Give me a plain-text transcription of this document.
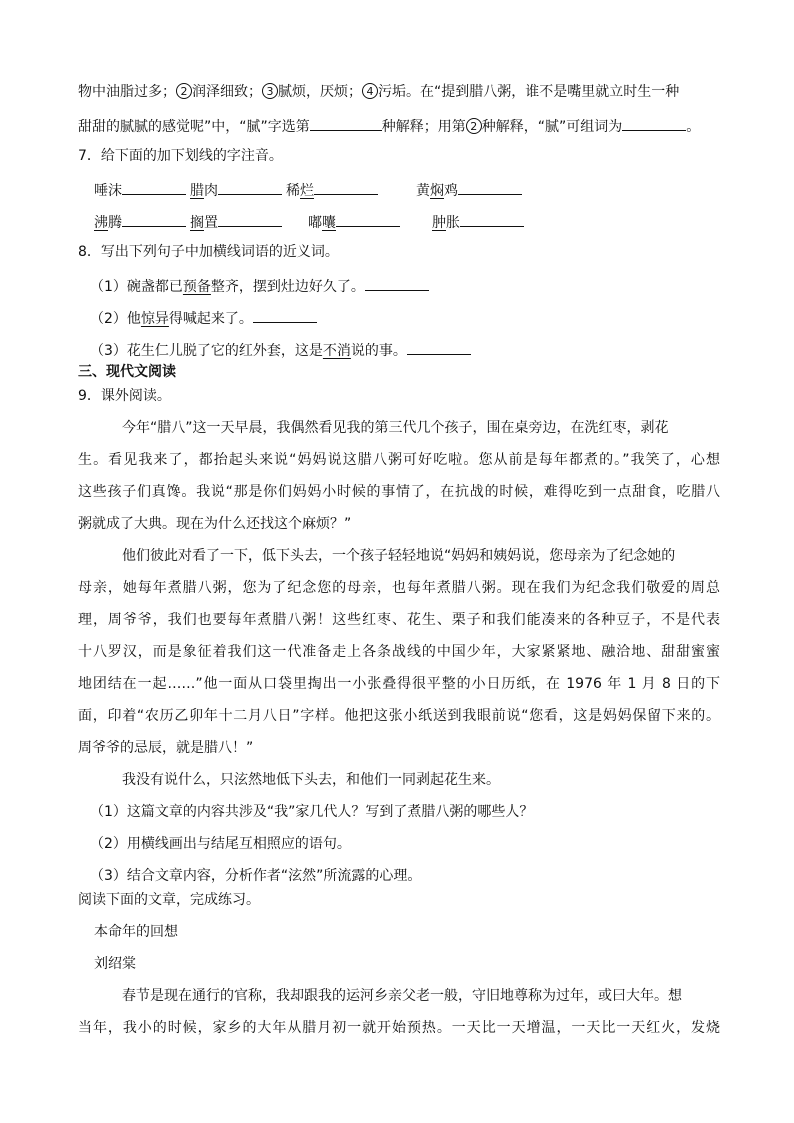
物中油脂过多； 2 润泽细致； 3 腻烦，厌烦； 4 污垢。在“提到腊八粥，谁不是嘴里就立时生一种
甜甜的腻腻的感觉呢”中，“腻”字选第	种解释；用第 2 种解释，“腻”可组词为	。
7．给下面的加下划线的字注音。
唾沫	腊肉	稀烂	黄焖鸡
沸腾	搁置	嘟囔	肿胀
8．写出下列句子中加横线词语的近义词。
（1）碗盏都已预备整齐，摆到灶边好久了。
（2）他惊异得喊起来了。
（3）花生仁儿脱了它的红外套，这是不消说的事。
三、现代文阅读
9．课外阅读。
今年“腊八”这一天早晨，我偶然看见我的第三代几个孩子，围在桌旁边，在洗红枣，剥花
生。看见我来了，都抬起头来说“妈妈说这腊八粥可好吃啦。您从前是每年都煮的。”我笑了，心想
这些孩子们真馋。我说“那是你们妈妈小时候的事情了，在抗战的时候，难得吃到一点甜食，吃腊八
粥就成了大典。现在为什么还找这个麻烦？”
他们彼此对看了一下，低下头去，一个孩子轻轻地说“妈妈和姨妈说，您母亲为了纪念她的
母亲，她每年煮腊八粥，您为了纪念您的母亲，也每年煮腊八粥。现在我们为纪念我们敬爱的周总
理，周爷爷，我们也要每年煮腊八粥！这些红枣、花生、栗子和我们能凑来的各种豆子，不是代表
十八罗汉，而是象征着我们这一代准备走上各条战线的中国少年，大家紧紧地、融洽地、甜甜蜜蜜
地团结在一起……”他一面从口袋里掏出一小张叠得很平整的小日历纸，在 1976 年 1 月 8 日的下
面，印着“农历乙卯年十二月八日”字样。他把这张小纸送到我眼前说“您看，这是妈妈保留下来的。
周爷爷的忌辰，就是腊八！”
我没有说什么，只泫然地低下头去，和他们一同剥起花生来。
（1）这篇文章的内容共涉及“我”家几代人？写到了煮腊八粥的哪些人？
（2）用横线画出与结尾互相照应的语句。
（3）结合文章内容，分析作者“泫然”所流露的心理。
阅读下面的文章，完成练习。
本命年的回想
刘绍棠
春节是现在通行的官称，我却跟我的运河乡亲父老一般，守旧地尊称为过年，或曰大年。想
当年，我小的时候，家乡的大年从腊月初一就开始预热。一天比一天增温，一天比一天红火，发烧
